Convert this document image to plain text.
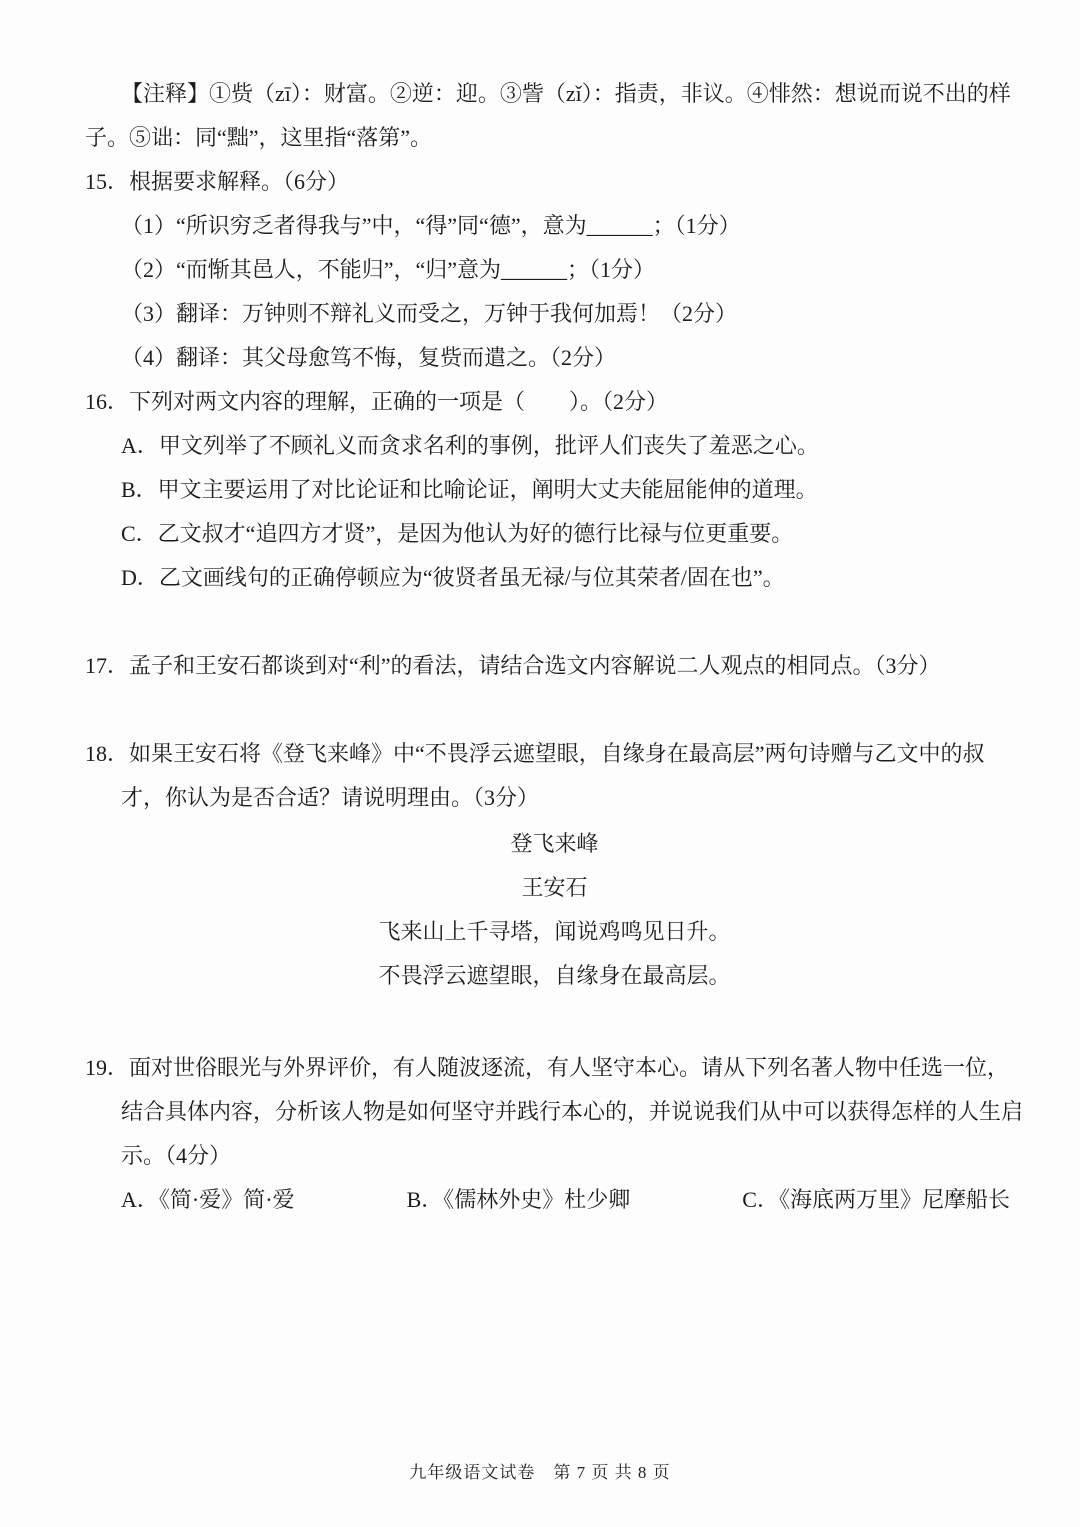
【注释】①赀（zī）：财富。②逆：迎。③訾（zǐ）：指责，非议。④悱然：想说而说不出的样子。⑤诎：同“黜”，这里指“落第”。

15．根据要求解释。（6分）

（1）“所识穷乏者得我与”中，“得”同“德”，意为______；（1分）

（2）“而惭其邑人，不能归”，“归”意为______；（1分）

（3）翻译：万钟则不辩礼义而受之，万钟于我何加焉！（2分）

（4）翻译：其父母愈笃不悔，复赀而遣之。（2分）

16．下列对两文内容的理解，正确的一项是（　　）。（2分）

A．甲文列举了不顾礼义而贪求名利的事例，批评人们丧失了羞恶之心。

B．甲文主要运用了对比论证和比喻论证，阐明大丈夫能屈能伸的道理。

C．乙文叔才“追四方才贤”，是因为他认为好的德行比禄与位更重要。

D．乙文画线句的正确停顿应为“彼贤者虽无禄/与位其荣者/固在也”。

17．孟子和王安石都谈到对“利”的看法，请结合选文内容解说二人观点的相同点。（3分）

18．如果王安石将《登飞来峰》中“不畏浮云遮望眼，自缘身在最高层”两句诗赠与乙文中的叔才，你认为是否合适？请说明理由。（3分）

登飞来峰

王安石

飞来山上千寻塔，闻说鸡鸣见日升。

不畏浮云遮望眼，自缘身在最高层。

19．面对世俗眼光与外界评价，有人随波逐流，有人坚守本心。请从下列名著人物中任选一位，结合具体内容，分析该人物是如何坚守并践行本心的，并说说我们从中可以获得怎样的人生启示。（4分）

A．《简·爱》简·爱	B．《儒林外史》杜少卿	C．《海底两万里》尼摩船长

九年级语文试卷　第 7 页 共 8 页
